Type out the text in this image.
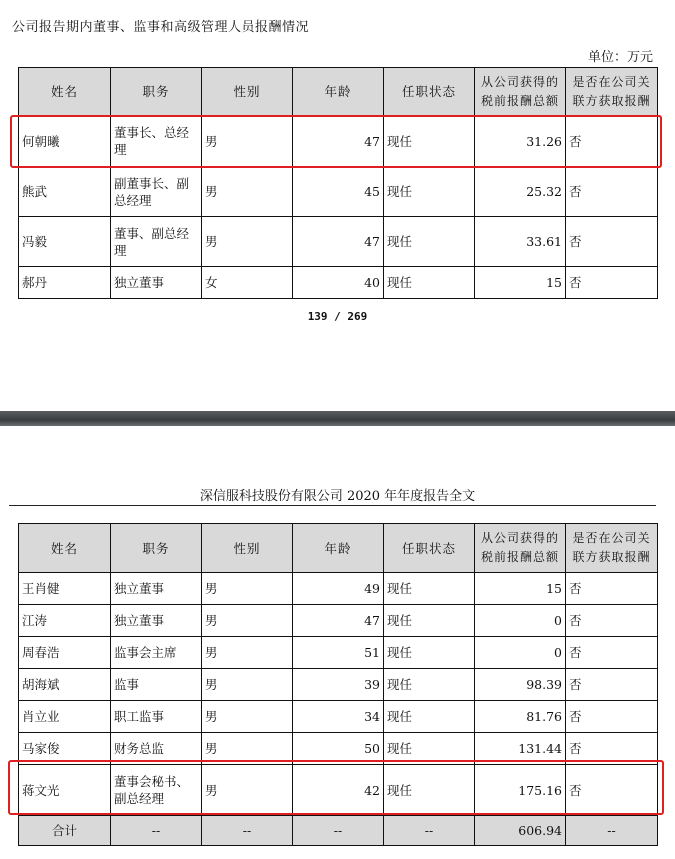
公司报告期内董事、监事和高级管理人员报酬情况
单位：万元
姓名	职务	性别	年龄	任职状态	从公司获得的税前报酬总额	是否在公司关联方获取报酬
何朝曦	董事长、总经理	男	47	现任	31.26	否
熊武	副董事长、副总经理	男	45	现任	25.32	否
冯毅	董事、副总经理	男	47	现任	33.61	否
郝丹	独立董事	女	40	现任	15	否
139 / 269
深信服科技股份有限公司 2020 年年度报告全文
姓名	职务	性别	年龄	任职状态	从公司获得的税前报酬总额	是否在公司关联方获取报酬
王肖健	独立董事	男	49	现任	15	否
江涛	独立董事	男	47	现任	0	否
周春浩	监事会主席	男	51	现任	0	否
胡海斌	监事	男	39	现任	98.39	否
肖立业	职工监事	男	34	现任	81.76	否
马家俊	财务总监	男	50	现任	131.44	否
蒋文光	董事会秘书、副总经理	男	42	现任	175.16	否
合计	--	--	--	--	606.94	--
